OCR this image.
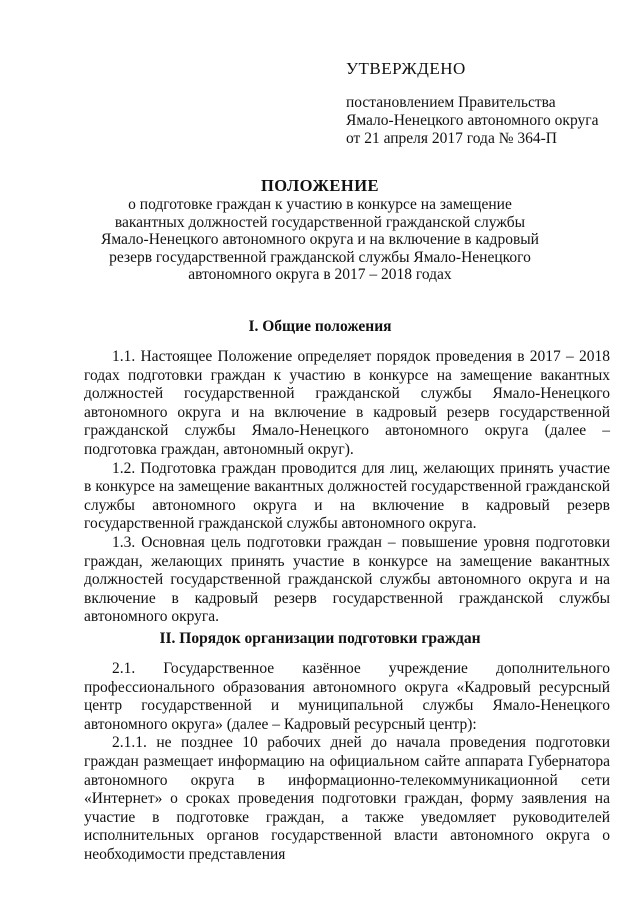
УТВЕРЖДЕНО
постановлением Правительства
Ямало-Ненецкого автономного округа
от 21 апреля 2017 года № 364-П
ПОЛОЖЕНИЕ
о подготовке граждан к участию в конкурсе на замещение
вакантных должностей государственной гражданской службы
Ямало-Ненецкого автономного округа и на включение в кадровый
резерв государственной гражданской службы Ямало-Ненецкого
автономного округа в 2017 – 2018 годах
I. Общие положения

1.1. Настоящее Положение определяет порядок проведения в 2017 – 2018 годах подготовки граждан к участию в конкурсе на замещение вакантных должностей государственной гражданской службы Ямало-Ненецкого автономного округа и на включение в кадровый резерв государственной гражданской службы Ямало-Ненецкого автономного округа (далее – подготовка граждан, автономный округ).

1.2. Подготовка граждан проводится для лиц, желающих принять участие в конкурсе на замещение вакантных должностей государственной гражданской службы автономного округа и на включение в кадровый резерв государственной гражданской службы автономного округа.

1.3. Основная цель подготовки граждан – повышение уровня подготовки граждан, желающих принять участие в конкурсе на замещение вакантных должностей государственной гражданской службы автономного округа и на включение в кадровый резерв государственной гражданской службы автономного округа.

II. Порядок организации подготовки граждан

2.1. Государственное казённое учреждение дополнительного профессионального образования автономного округа «Кадровый ресурсный центр государственной и муниципальной службы Ямало-Ненецкого автономного округа» (далее – Кадровый ресурсный центр):

2.1.1. не позднее 10 рабочих дней до начала проведения подготовки граждан размещает информацию на официальном сайте аппарата Губернатора автономного округа в информационно-телекоммуникационной сети «Интернет» о сроках проведения подготовки граждан, форму заявления на участие в подготовке граждан, а также уведомляет руководителей исполнительных органов государственной власти автономного округа о необходимости представления
